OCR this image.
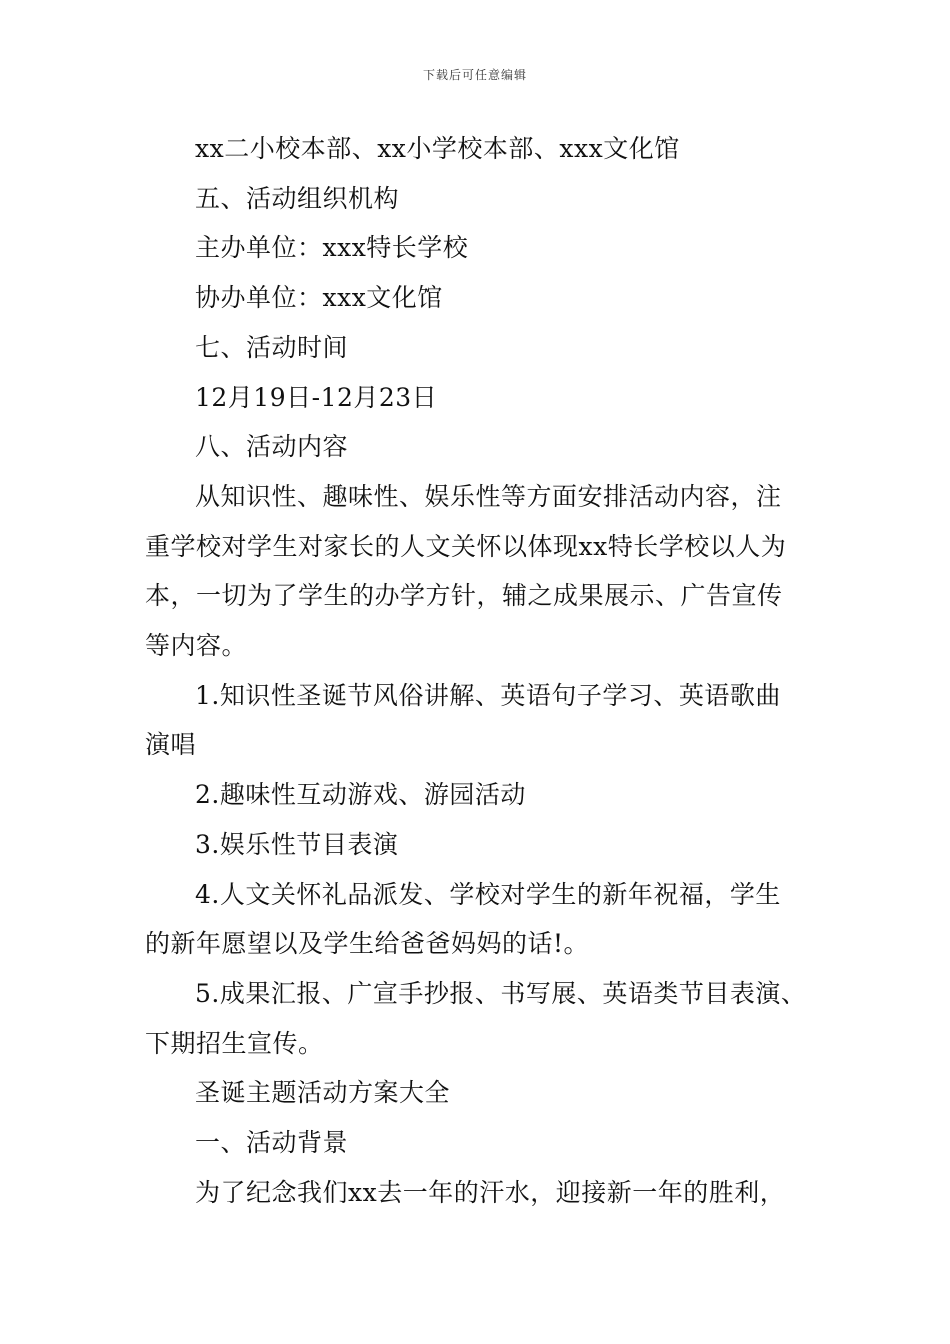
下载后可任意编辑

xx二小校本部、xx小学校本部、xxx文化馆

五、活动组织机构

主办单位：xxx特长学校

协办单位：xxx文化馆

七、活动时间

12月19日-12月23日

八、活动内容

从知识性、趣味性、娱乐性等方面安排活动内容，注

重学校对学生对家长的人文关怀以体现xx特长学校以人为

本，一切为了学生的办学方针，辅之成果展示、广告宣传

等内容。

1.知识性圣诞节风俗讲解、英语句子学习、英语歌曲

演唱

2.趣味性互动游戏、游园活动

3.娱乐性节目表演

4.人文关怀礼品派发、学校对学生的新年祝福，学生

的新年愿望以及学生给爸爸妈妈的话!。

5.成果汇报、广宣手抄报、书写展、英语类节目表演、

下期招生宣传。

圣诞主题活动方案大全

一、活动背景

为了纪念我们xx去一年的汗水，迎接新一年的胜利，
